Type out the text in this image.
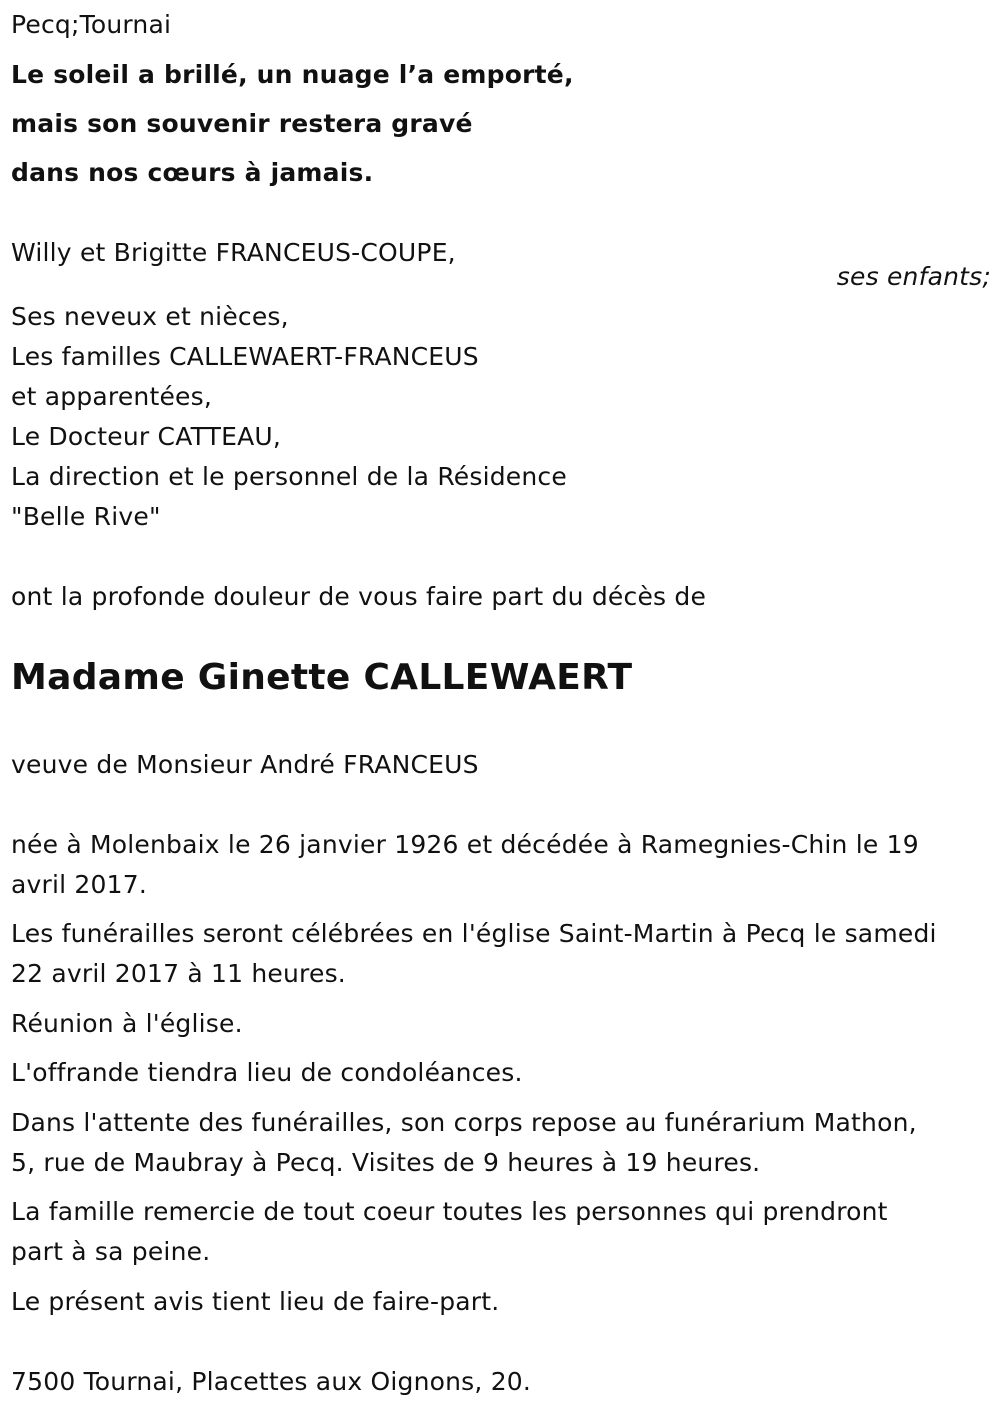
Pecq;Tournai
Le soleil a brillé, un nuage l’a emporté,
mais son souvenir restera gravé
dans nos cœurs à jamais.
Willy et Brigitte FRANCEUS-COUPE,
ses enfants;
Ses neveux et nièces,
Les familles CALLEWAERT-FRANCEUS
et apparentées,
Le Docteur CATTEAU,
La direction et le personnel de la Résidence
"Belle Rive"
ont la profonde douleur de vous faire part du décès de
Madame Ginette CALLEWAERT
veuve de Monsieur André FRANCEUS
née à Molenbaix le 26 janvier 1926 et décédée à Ramegnies-Chin le 19
avril 2017.
Les funérailles seront célébrées en l'église Saint-Martin à Pecq le samedi
22 avril 2017 à 11 heures.
Réunion à l'église.
L'offrande tiendra lieu de condoléances.
Dans l'attente des funérailles, son corps repose au funérarium Mathon,
5, rue de Maubray à Pecq. Visites de 9 heures à 19 heures.
La famille remercie de tout coeur toutes les personnes qui prendront
part à sa peine.
Le présent avis tient lieu de faire-part.
7500 Tournai, Placettes aux Oignons, 20.
